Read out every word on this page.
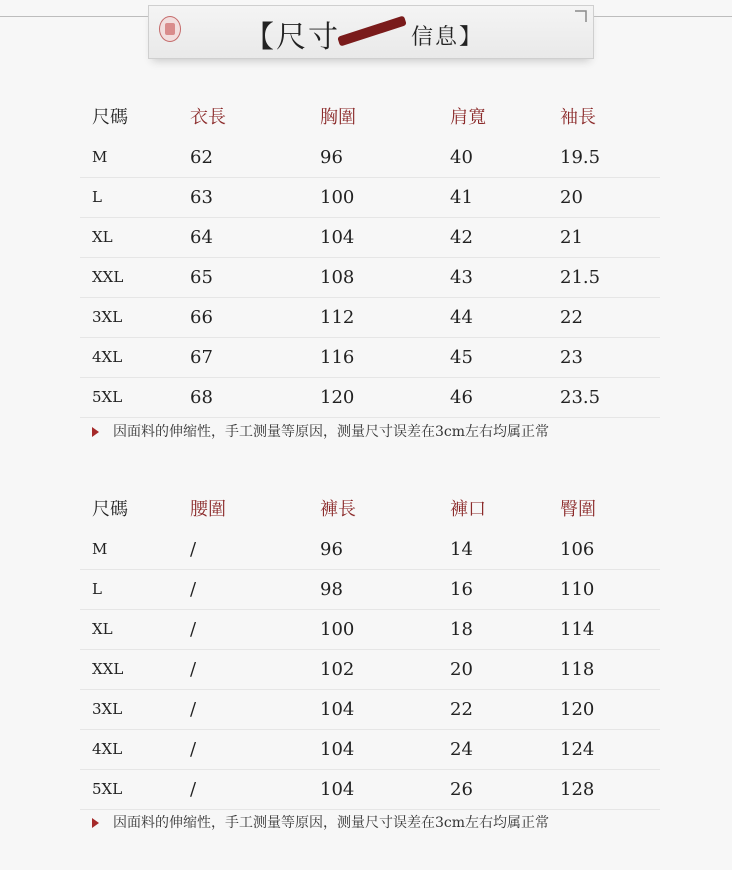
【尺寸	信息】
尺碼	衣長	胸圍	肩寬	袖長
M	62	96	40	19.5
L	63	100	41	20
XL	64	104	42	21
XXL	65	108	43	21.5
3XL	66	112	44	22
4XL	67	116	45	23
5XL	68	120	46	23.5
因面料的伸缩性，手工测量等原因，测量尺寸误差在3cm左右均属正常
尺碼	腰圍	褲長	褲口	臀圍
M	/	96	14	106
L	/	98	16	110
XL	/	100	18	114
XXL	/	102	20	118
3XL	/	104	22	120
4XL	/	104	24	124
5XL	/	104	26	128
因面料的伸缩性，手工测量等原因，测量尺寸误差在3cm左右均属正常
